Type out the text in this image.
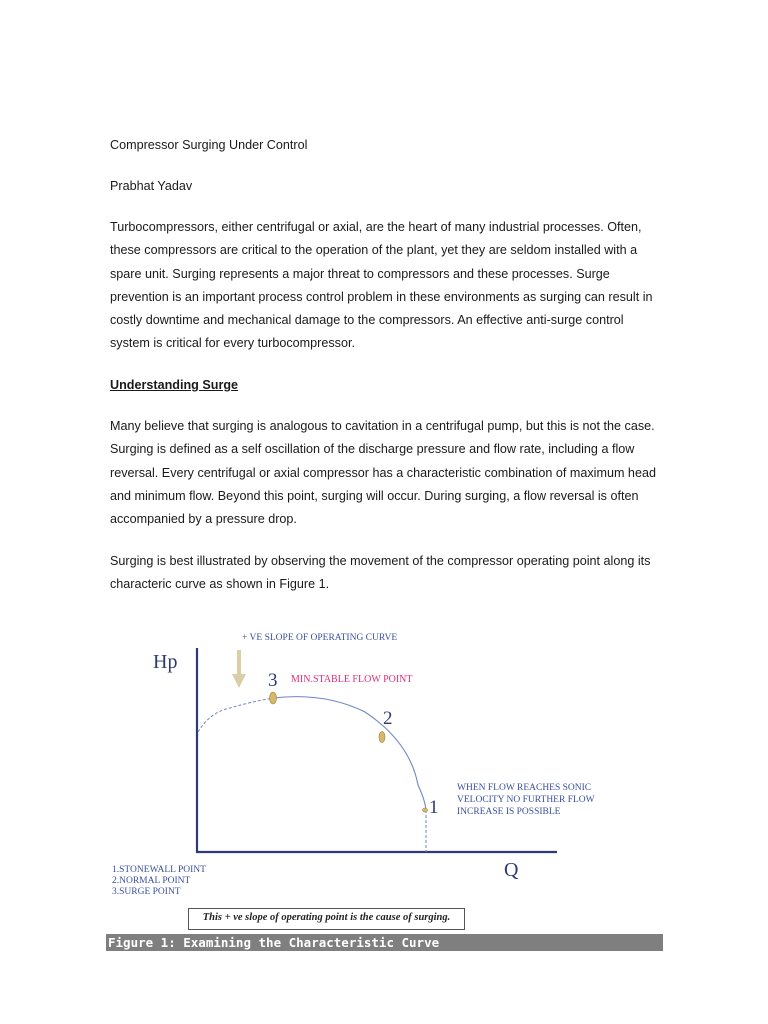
Compressor Surging Under Control

Prabhat Yadav

Turbocompressors, either centrifugal or axial, are the heart of many industrial processes. Often, these compressors are critical to the operation of the plant, yet they are seldom installed with a spare unit. Surging represents a major threat to compressors and these processes. Surge prevention is an important process control problem in these environments as surging can result in costly downtime and mechanical damage to the compressors. An effective anti-surge control system is critical for every turbocompressor.

Understanding Surge

Many believe that surging is analogous to cavitation in a centrifugal pump, but this is not the case. Surging is defined as a self oscillation of the discharge pressure and flow rate, including a flow reversal. Every centrifugal or axial compressor has a characteristic combination of maximum head and minimum flow. Beyond this point, surging will occur. During surging, a flow reversal is often accompanied by a pressure drop.

Surging is best illustrated by observing the movement of the compressor operating point along its characteric curve as shown in Figure 1.

+ VE SLOPE OF OPERATING CURVE
Hp
Q
3 MIN.STABLE FLOW POINT
2
1
WHEN FLOW REACHES SONIC
VELOCITY NO FURTHER FLOW
INCREASE IS POSSIBLE
1.STONEWALL POINT
2.NORMAL POINT
3.SURGE POINT
This + ve slope of operating point is the cause of surging.
Figure 1: Examining the Characteristic Curve
